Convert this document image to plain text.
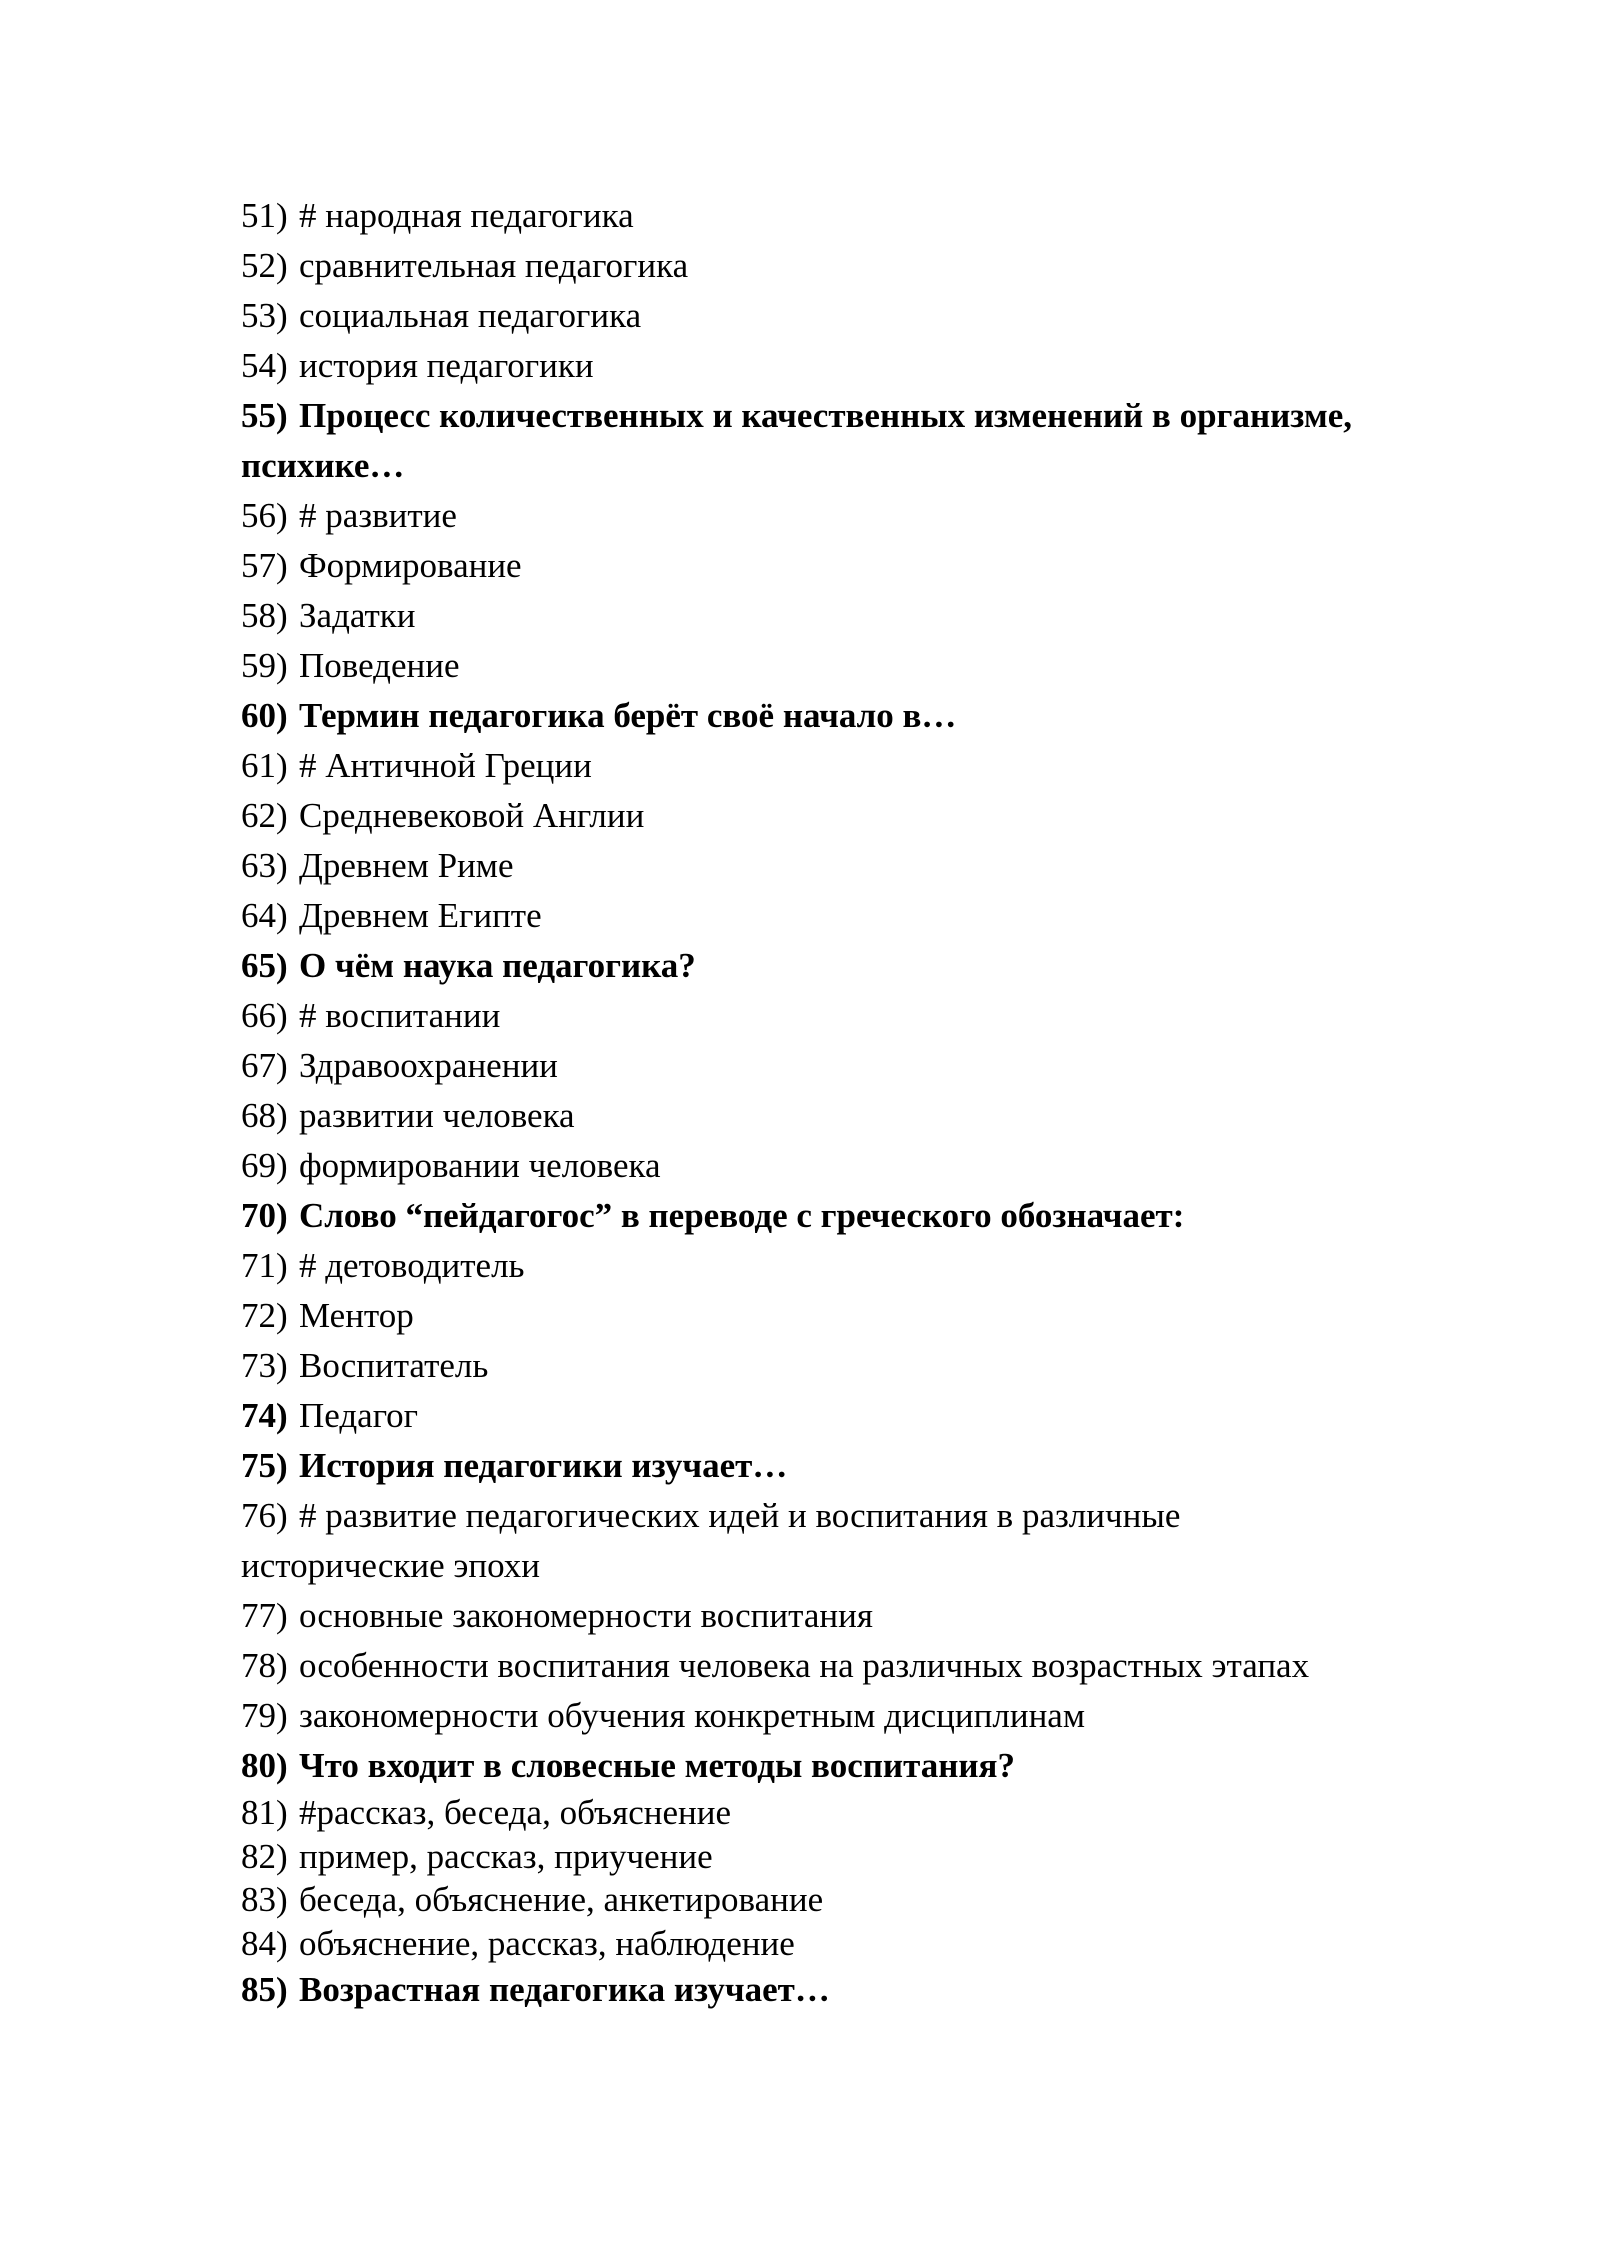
51) # народная педагогика
52) сравнительная педагогика
53) социальная педагогика
54) история педагогики
55) Процесс количественных и качественных изменений в организме, психике…
56) # развитие
57) Формирование
58) Задатки
59) Поведение
60) Термин педагогика берёт своё начало в…
61) # Античной Греции
62) Средневековой Англии
63) Древнем Риме
64) Древнем Египте
65) О чём наука педагогика?
66) # воспитании
67) Здравоохранении
68) развитии человека
69) формировании человека
70) Слово “пейдагогос” в переводе с греческого обозначает:
71) # детоводитель
72) Ментор
73) Воспитатель
74) Педагог
75) История педагогики изучает…
76) # развитие педагогических идей и воспитания в различные исторические эпохи
77) основные закономерности воспитания
78) особенности воспитания человека на различных возрастных этапах
79) закономерности обучения конкретным дисциплинам
80) Что входит в словесные методы воспитания?
81) #рассказ, беседа, объяснение
82) пример, рассказ, приучение
83) беседа, объяснение, анкетирование
84) объяснение, рассказ, наблюдение
85) Возрастная педагогика изучает…
